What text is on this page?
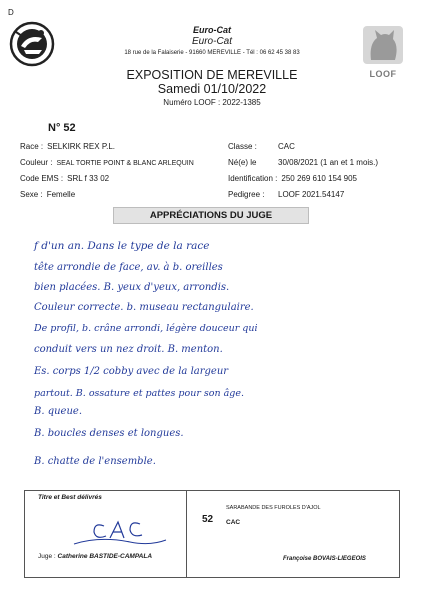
D
Euro-Cat
Euro-Cat
18 rue de la Falaiserie - 91660 MEREVILLE - Tél : 06 62 45 38 83
EXPOSITION DE MEREVILLE
Samedi 01/10/2022
Numéro LOOF : 2022-1385
LOOF
N° 52
Race : SELKIRK REX P.L.
Couleur : SEAL TORTIE POINT & BLANC ARLEQUIN
Code EMS : SRL f 33 02
Sexe : Femelle
Classe :	CAC
Né(e) le	30/08/2021 (1 an et 1 mois.)
Identification : 250 269 610 154 905
Pedigree : LOOF 2021.54147
APPRÉCIATIONS DU JUGE
f d'un an. Dans le type de la race
tête arrondie de face, av. à b. oreilles
bien placées. B. yeux d'yeux, arrondis.
Couleur correcte. b. museau rectangulaire.
De profil, b. crâne arrondi, légère douceur qui
conduit vers un nez droit. B. menton.
Es. corps 1/2 cobby avec de la largeur
partout. B. ossature et pattes pour son âge.
B. queue.
B. boucles denses et longues.
B. chatte de l'ensemble.
Titre et Best délivrés
Juge : Catherine BASTIDE-CAMPALA
52
SARABANDE DES FUROLES D'AJOL
CAC
Françoise BOVAIS-LIEGEOIS
